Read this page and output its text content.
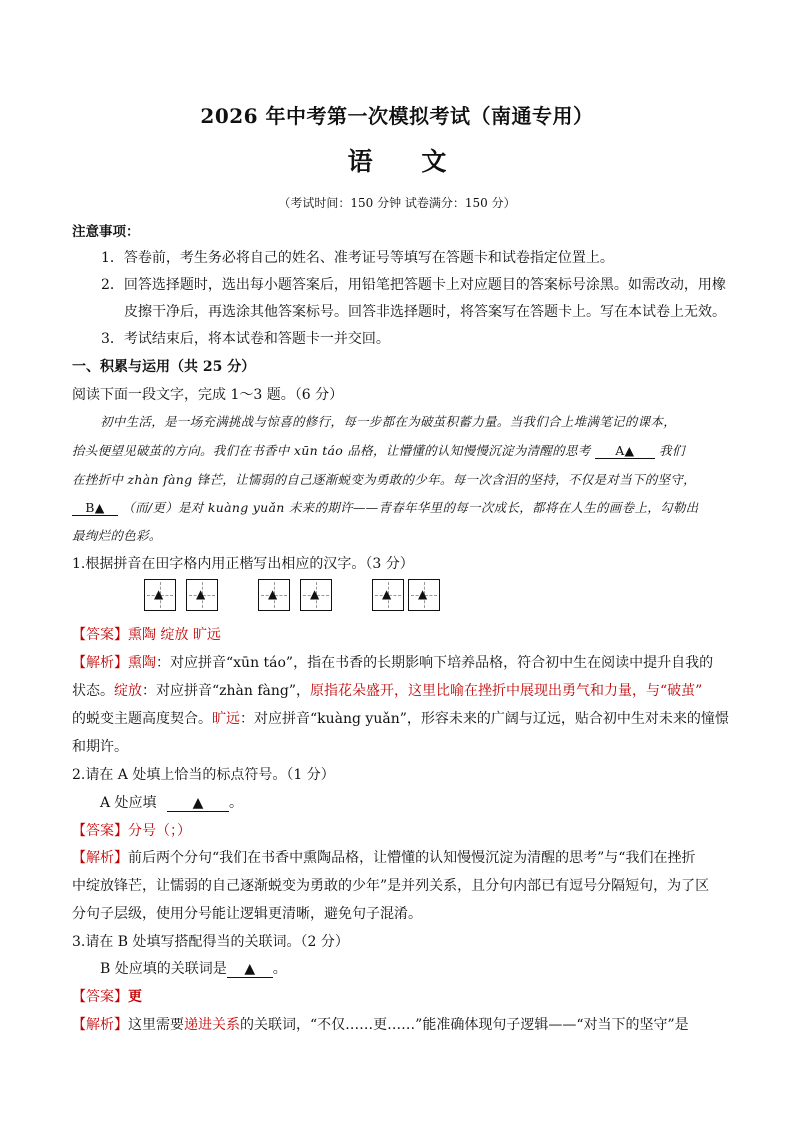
2026 年中考第一次模拟考试（南通专用）
语 文
（考试时间：150 分钟 试卷满分：150 分）
注意事项：
1．答卷前，考生务必将自己的姓名、准考证号等填写在答题卡和试卷指定位置上。
2．回答选择题时，选出每小题答案后，用铅笔把答题卡上对应题目的答案标号涂黑。如需改动，用橡
皮擦干净后，再选涂其他答案标号。回答非选择题时，将答案写在答题卡上。写在本试卷上无效。
3．考试结束后，将本试卷和答题卡一并交回。
一、积累与运用（共 25 分）
阅读下面一段文字，完成 1～3 题。（6 分）
初中生活，是一场充满挑战与惊喜的修行，每一步都在为破茧积蓄力量。当我们合上堆满笔记的课本，
抬头便望见破茧的方向。我们在书香中 xūn táo 品格，让懵懂的认知慢慢沉淀为清醒的思考 A▲ 我们
在挫折中 zhàn fàng 锋芒，让懦弱的自己逐渐蜕变为勇敢的少年。每一次含泪的坚持，不仅是对当下的坚守，
B▲ （而/更）是对 kuàng yuǎn 未来的期许——青春年华里的每一次成长，都将在人生的画卷上，勾勒出
最绚烂的色彩。
1.根据拼音在田字格内用正楷写出相应的汉字。（3 分）
▲	▲	▲	▲	▲ ▲
【答案】熏陶 绽放 旷远
【解析】熏陶：对应拼音“xūn táo”，指在书香的长期影响下培养品格，符合初中生在阅读中提升自我的
状态。绽放：对应拼音“zhàn fàng”，原指花朵盛开，这里比喻在挫折中展现出勇气和力量，与“破茧”
的蜕变主题高度契合。旷远：对应拼音“kuàng yuǎn”，形容未来的广阔与辽远，贴合初中生对未来的憧憬
和期许。
2.请在 A 处填上恰当的标点符号。（1 分）
A 处应填	▲ 。
【答案】分号（；）
【解析】前后两个分句“我们在书香中熏陶品格，让懵懂的认知慢慢沉淀为清醒的思考”与“我们在挫折
中绽放锋芒，让懦弱的自己逐渐蜕变为勇敢的少年”是并列关系，且分句内部已有逗号分隔短句，为了区
分句子层级，使用分号能让逻辑更清晰，避免句子混淆。
3.请在 B 处填写搭配得当的关联词。（2 分）
B 处应填的关联词是 ▲ 。
【答案】更
【解析】这里需要递进关系的关联词，“不仅……更……”能准确体现句子逻辑——“对当下的坚守”是
